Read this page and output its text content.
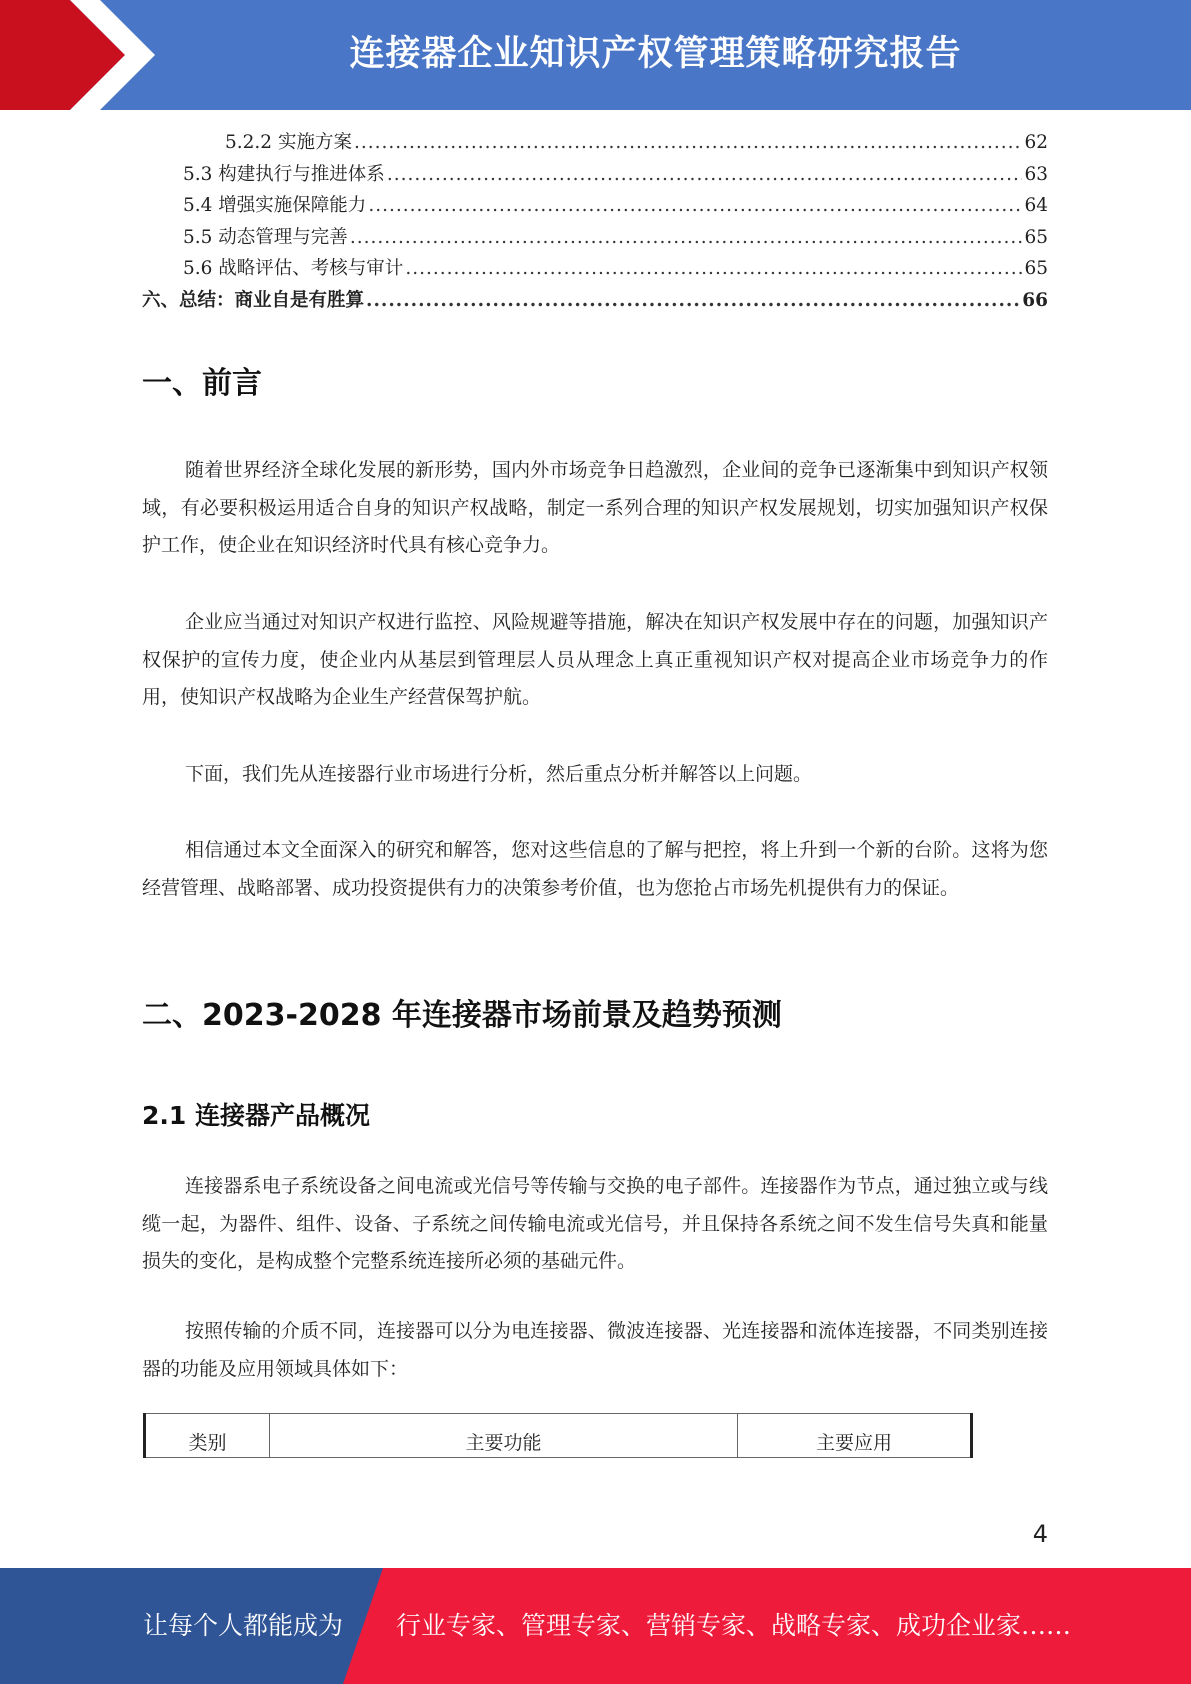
连接器企业知识产权管理策略研究报告
5.2.2 实施方案 .....	62
5.3 构建执行与推进体系 .....	63
5.4 增强实施保障能力 .....	64
5.5 动态管理与完善 .....	65
5.6 战略评估、考核与审计 .....	65
六、总结：商业自是有胜算 .....	66
一、前言

随着世界经济全球化发展的新形势，国内外市场竞争日趋激烈，企业间的竞争已逐渐集中到知识产权领域，有必要积极运用适合自身的知识产权战略，制定一系列合理的知识产权发展规划，切实加强知识产权保护工作，使企业在知识经济时代具有核心竞争力。

企业应当通过对知识产权进行监控、风险规避等措施，解决在知识产权发展中存在的问题，加强知识产权保护的宣传力度，使企业内从基层到管理层人员从理念上真正重视知识产权对提高企业市场竞争力的作用，使知识产权战略为企业生产经营保驾护航。

下面，我们先从连接器行业市场进行分析，然后重点分析并解答以上问题。

相信通过本文全面深入的研究和解答，您对这些信息的了解与把控，将上升到一个新的台阶。这将为您经营管理、战略部署、成功投资提供有力的决策参考价值，也为您抢占市场先机提供有力的保证。

二、2023-2028 年连接器市场前景及趋势预测
2.1 连接器产品概况

连接器系电子系统设备之间电流或光信号等传输与交换的电子部件。连接器作为节点，通过独立或与线缆一起，为器件、组件、设备、子系统之间传输电流或光信号，并且保持各系统之间不发生信号失真和能量损失的变化，是构成整个完整系统连接所必须的基础元件。

按照传输的介质不同，连接器可以分为电连接器、微波连接器、光连接器和流体连接器，不同类别连接器的功能及应用领域具体如下：

类别	主要功能	主要应用
4
让每个人都能成为 行业专家、管理专家、营销专家、战略专家、成功企业家……
